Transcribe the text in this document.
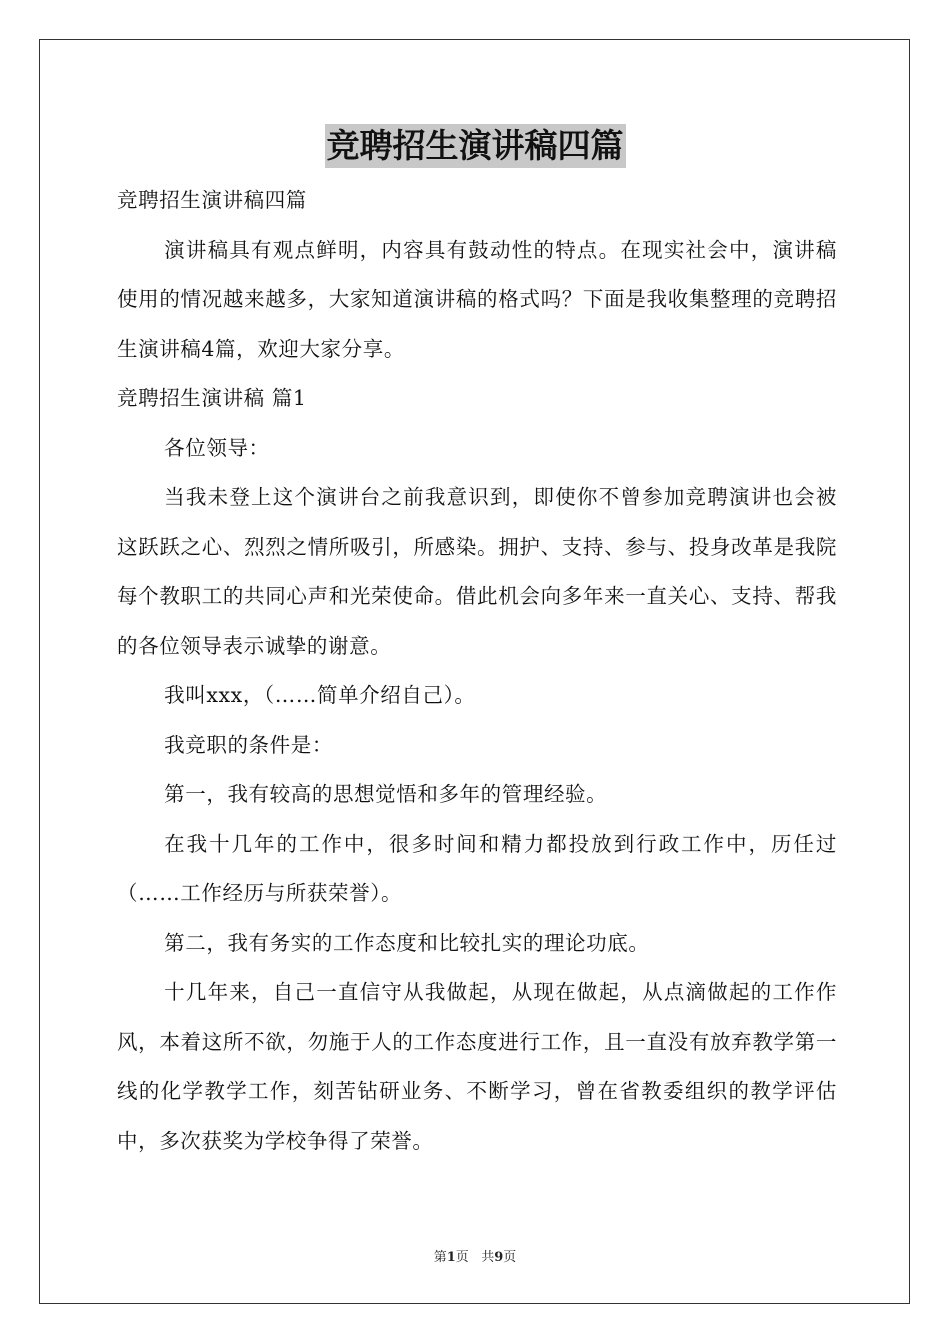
竞聘招生演讲稿四篇

竞聘招生演讲稿四篇

演讲稿具有观点鲜明，内容具有鼓动性的特点。在现实社会中，演讲稿使用的情况越来越多，大家知道演讲稿的格式吗？下面是我收集整理的竞聘招生演讲稿4篇，欢迎大家分享。

竞聘招生演讲稿 篇1

各位领导：

当我未登上这个演讲台之前我意识到，即使你不曾参加竞聘演讲也会被这跃跃之心、烈烈之情所吸引，所感染。拥护、支持、参与、投身改革是我院每个教职工的共同心声和光荣使命。借此机会向多年来一直关心、支持、帮我的各位领导表示诚挚的谢意。

我叫xxx，（……简单介绍自己）。

我竞职的条件是：

第一，我有较高的思想觉悟和多年的管理经验。

在我十几年的工作中，很多时间和精力都投放到行政工作中，历任过（……工作经历与所获荣誉）。

第二，我有务实的工作态度和比较扎实的理论功底。

十几年来，自己一直信守从我做起，从现在做起，从点滴做起的工作作风，本着这所不欲，勿施于人的工作态度进行工作，且一直没有放弃教学第一线的化学教学工作，刻苦钻研业务、不断学习，曾在省教委组织的教学评估中，多次获奖为学校争得了荣誉。

第1页 共9页
